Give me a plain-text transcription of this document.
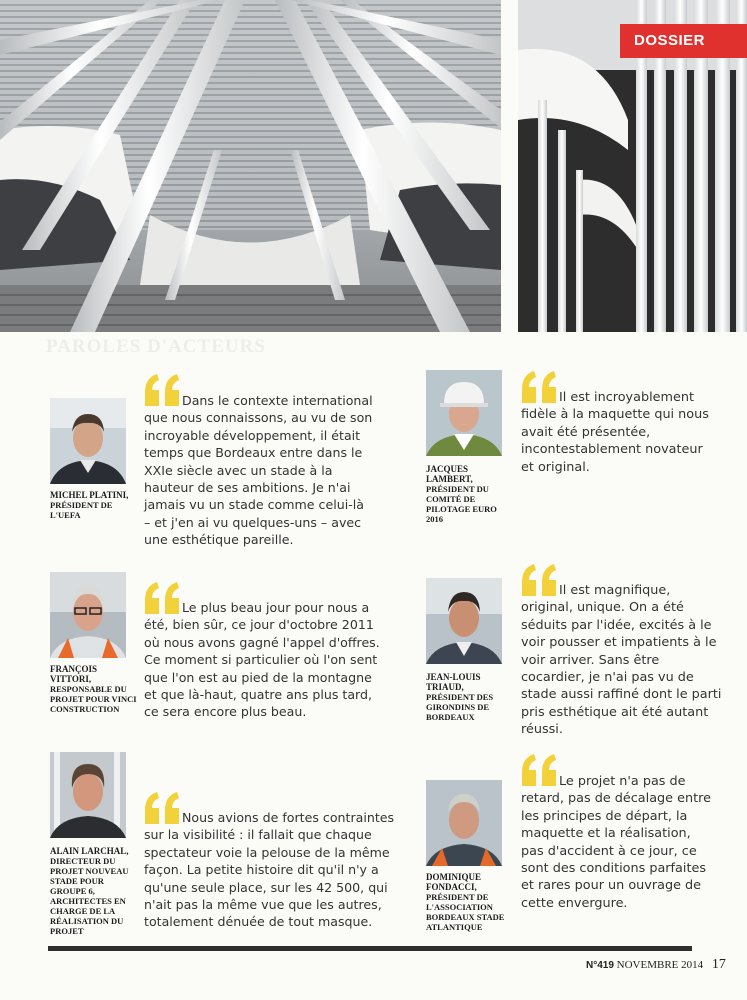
DOSSIER
PAROLES D'ACTEURS
MICHEL PLATINI,
PRÉSIDENT DE L'UEFA

Dans le contexte international que nous connaissons, au vu de son incroyable développement, il était temps que Bordeaux entre dans le XXIe siècle avec un stade à la hauteur de ses ambitions. Je n'ai jamais vu un stade comme celui-là – et j'en ai vu quelques-uns – avec une esthétique pareille.

JACQUES LAMBERT,
PRÉSIDENT DU COMITÉ DE PILOTAGE EURO 2016

Il est incroyablement fidèle à la maquette qui nous avait été présentée, incontestablement novateur et original.

FRANÇOIS VITTORI,
RESPONSABLE DU PROJET POUR VINCI CONSTRUCTION

Le plus beau jour pour nous a été, bien sûr, ce jour d'octobre 2011 où nous avons gagné l'appel d'offres. Ce moment si particulier où l'on sent que l'on est au pied de la montagne et que là-haut, quatre ans plus tard, ce sera encore plus beau.

JEAN-LOUIS TRIAUD,
PRÉSIDENT DES GIRONDINS DE BORDEAUX

Il est magnifique, original, unique. On a été séduits par l'idée, excités à le voir pousser et impatients à le voir arriver. Sans être cocardier, je n'ai pas vu de stade aussi raffiné dont le parti pris esthétique ait été autant réussi.

ALAIN LARCHAL,
DIRECTEUR DU PROJET NOUVEAU STADE POUR GROUPE 6, ARCHITECTES EN CHARGE DE LA RÉALISATION DU PROJET

Nous avions de fortes contraintes sur la visibilité : il fallait que chaque spectateur voie la pelouse de la même façon. La petite histoire dit qu'il n'y a qu'une seule place, sur les 42 500, qui n'ait pas la même vue que les autres, totalement dénuée de tout masque.

DOMINIQUE FONDACCI,
PRÉSIDENT DE L'ASSOCIATION BORDEAUX STADE ATLANTIQUE

Le projet n'a pas de retard, pas de décalage entre les principes de départ, la maquette et la réalisation, pas d'accident à ce jour, ce sont des conditions parfaites et rares pour un ouvrage de cette envergure.

N°419 NOVEMBRE 2014 17
